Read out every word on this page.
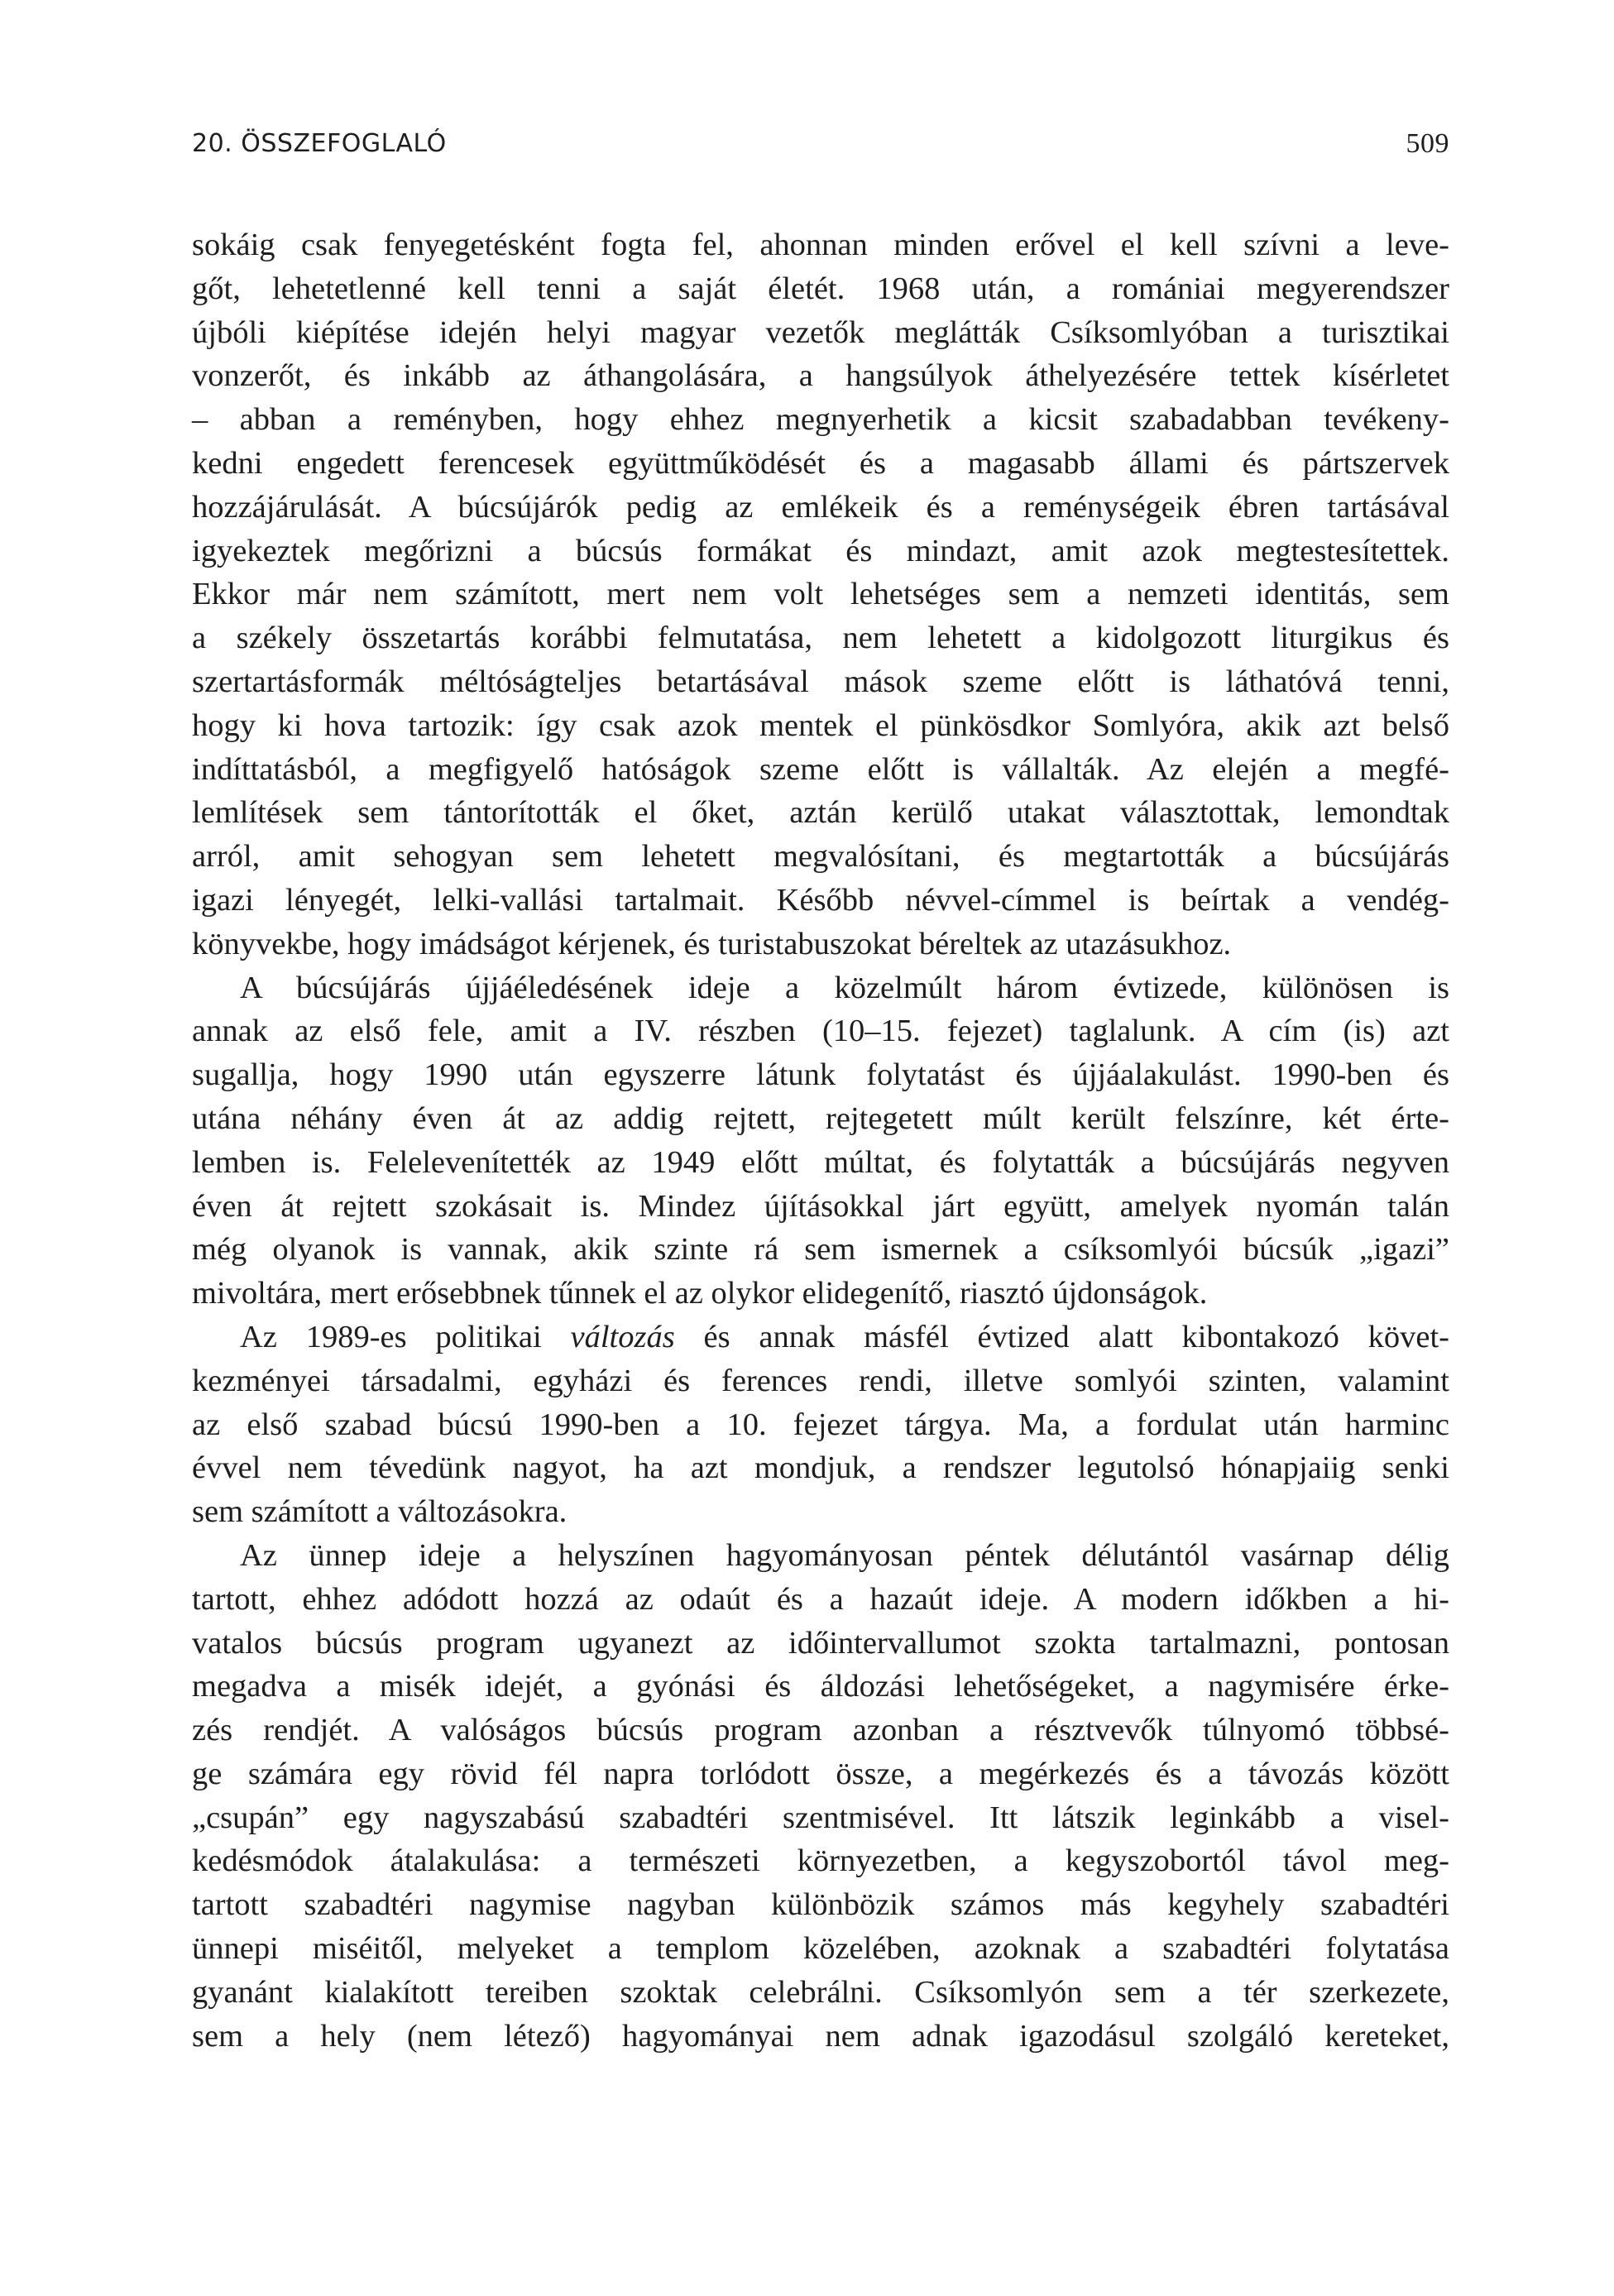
20. ÖSSZEFOGLALÓ	509
sokáig csak fenyegetésként fogta fel, ahonnan minden erővel el kell szívni a leve-
gőt, lehetetlenné kell tenni a saját életét. 1968 után, a romániai megyerendszer
újbóli kiépítése idején helyi magyar vezetők meglátták Csíksomlyóban a turisztikai
vonzerőt, és inkább az áthangolására, a hangsúlyok áthelyezésére tettek kísérletet
– abban a reményben, hogy ehhez megnyerhetik a kicsit szabadabban tevékeny-
kedni engedett ferencesek együttműködését és a magasabb állami és pártszervek
hozzájárulását. A búcsújárók pedig az emlékeik és a reménységeik ébren tartásával
igyekeztek megőrizni a búcsús formákat és mindazt, amit azok megtestesítettek.
Ekkor már nem számított, mert nem volt lehetséges sem a nemzeti identitás, sem
a székely összetartás korábbi felmutatása, nem lehetett a kidolgozott liturgikus és
szertartásformák méltóságteljes betartásával mások szeme előtt is láthatóvá tenni,
hogy ki hova tartozik: így csak azok mentek el pünkösdkor Somlyóra, akik azt belső
indíttatásból, a megfigyelő hatóságok szeme előtt is vállalták. Az elején a megfé-
lemlítések sem tántorították el őket, aztán kerülő utakat választottak, lemondtak
arról, amit sehogyan sem lehetett megvalósítani, és megtartották a búcsújárás
igazi lényegét, lelki-vallási tartalmait. Később névvel-címmel is beírtak a vendég-
könyvekbe, hogy imádságot kérjenek, és turistabuszokat béreltek az utazásukhoz.
A búcsújárás újjáéledésének ideje a közelmúlt három évtizede, különösen is
annak az első fele, amit a IV. részben (10–15. fejezet) taglalunk. A cím (is) azt
sugallja, hogy 1990 után egyszerre látunk folytatást és újjáalakulást. 1990-ben és
utána néhány éven át az addig rejtett, rejtegetett múlt került felszínre, két érte-
lemben is. Felelevenítették az 1949 előtt múltat, és folytatták a búcsújárás negyven
éven át rejtett szokásait is. Mindez újításokkal járt együtt, amelyek nyomán talán
még olyanok is vannak, akik szinte rá sem ismernek a csíksomlyói búcsúk „igazi”
mivoltára, mert erősebbnek tűnnek el az olykor elidegenítő, riasztó újdonságok.
Az 1989-es politikai változás és annak másfél évtized alatt kibontakozó követ-
kezményei társadalmi, egyházi és ferences rendi, illetve somlyói szinten, valamint
az első szabad búcsú 1990-ben a 10. fejezet tárgya. Ma, a fordulat után harminc
évvel nem tévedünk nagyot, ha azt mondjuk, a rendszer legutolsó hónapjaiig senki
sem számított a változásokra.
Az ünnep ideje a helyszínen hagyományosan péntek délutántól vasárnap délig
tartott, ehhez adódott hozzá az odaút és a hazaút ideje. A modern időkben a hi-
vatalos búcsús program ugyanezt az időintervallumot szokta tartalmazni, pontosan
megadva a misék idejét, a gyónási és áldozási lehetőségeket, a nagymisére érke-
zés rendjét. A valóságos búcsús program azonban a résztvevők túlnyomó többsé-
ge számára egy rövid fél napra torlódott össze, a megérkezés és a távozás között
„csupán” egy nagyszabású szabadtéri szentmisével. Itt látszik leginkább a visel-
kedésmódok átalakulása: a természeti környezetben, a kegyszobortól távol meg-
tartott szabadtéri nagymise nagyban különbözik számos más kegyhely szabadtéri
ünnepi miséitől, melyeket a templom közelében, azoknak a szabadtéri folytatása
gyanánt kialakított tereiben szoktak celebrálni. Csíksomlyón sem a tér szerkezete,
sem a hely (nem létező) hagyományai nem adnak igazodásul szolgáló kereteket,
